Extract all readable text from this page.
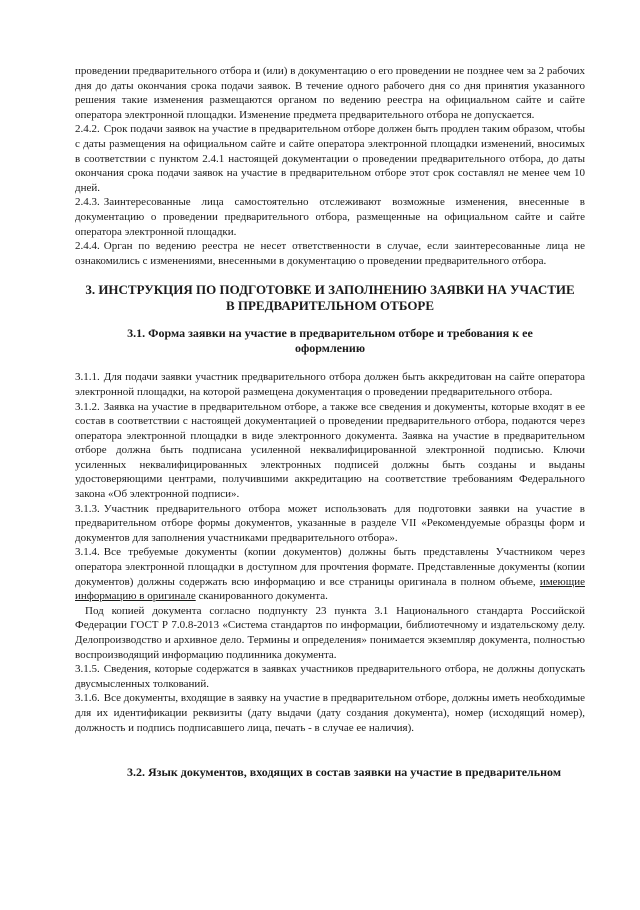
проведении предварительного отбора и (или) в документацию о его проведении не позднее чем за 2 рабочих дня до даты окончания срока подачи заявок. В течение одного рабочего дня со дня принятия указанного решения такие изменения размещаются органом по ведению реестра на официальном сайте и сайте оператора электронной площадки. Изменение предмета предварительного отбора не допускается.

2.4.2. Срок подачи заявок на участие в предварительном отборе должен быть продлен таким образом, чтобы с даты размещения на официальном сайте и сайте оператора электронной площадки изменений, вносимых в соответствии с пунктом 2.4.1 настоящей документации о проведении предварительного отбора, до даты окончания срока подачи заявок на участие в предварительном отборе этот срок составлял не менее чем 10 дней.

2.4.3. Заинтересованные лица самостоятельно отслеживают возможные изменения, внесенные в документацию о проведении предварительного отбора, размещенные на официальном сайте и сайте оператора электронной площадки.

2.4.4. Орган по ведению реестра не несет ответственности в случае, если заинтересованные лица не ознакомились с изменениями, внесенными в документацию о проведении предварительного отбора.

3. ИНСТРУКЦИЯ ПО ПОДГОТОВКЕ И ЗАПОЛНЕНИЮ ЗАЯВКИ НА УЧАСТИЕ В ПРЕДВАРИТЕЛЬНОМ ОТБОРЕ
3.1. Форма заявки на участие в предварительном отборе и требования к ее оформлению

3.1.1. Для подачи заявки участник предварительного отбора должен быть аккредитован на сайте оператора электронной площадки, на которой размещена документация о проведении предварительного отбора.

3.1.2. Заявка на участие в предварительном отборе, а также все сведения и документы, которые входят в ее состав в соответствии с настоящей документацией о проведении предварительного отбора, подаются через оператора электронной площадки в виде электронного документа. Заявка на участие в предварительном отборе должна быть подписана усиленной неквалифицированной электронной подписью. Ключи усиленных неквалифицированных электронных подписей должны быть созданы и выданы удостоверяющими центрами, получившими аккредитацию на соответствие требованиям Федерального закона «Об электронной подписи».

3.1.3. Участник предварительного отбора может использовать для подготовки заявки на участие в предварительном отборе формы документов, указанные в разделе VII «Рекомендуемые образцы форм и документов для заполнения участниками предварительного отбора».

3.1.4. Все требуемые документы (копии документов) должны быть представлены Участником через оператора электронной площадки в доступном для прочтения формате. Представленные документы (копии документов) должны содержать всю информацию и все страницы оригинала в полном объеме, имеющие информацию в оригинале сканированного документа.

Под копией документа согласно подпункту 23 пункта 3.1 Национального стандарта Российской Федерации ГОСТ Р 7.0.8-2013 «Система стандартов по информации, библиотечному и издательскому делу. Делопроизводство и архивное дело. Термины и определения» понимается экземпляр документа, полностью воспроизводящий информацию подлинника документа.

3.1.5. Сведения, которые содержатся в заявках участников предварительного отбора, не должны допускать двусмысленных толкований.

3.1.6. Все документы, входящие в заявку на участие в предварительном отборе, должны иметь необходимые для их идентификации реквизиты (дату выдачи (дату создания документа), номер (исходящий номер), должность и подпись подписавшего лица, печать - в случае ее наличия).

3.2. Язык документов, входящих в состав заявки на участие в предварительном
